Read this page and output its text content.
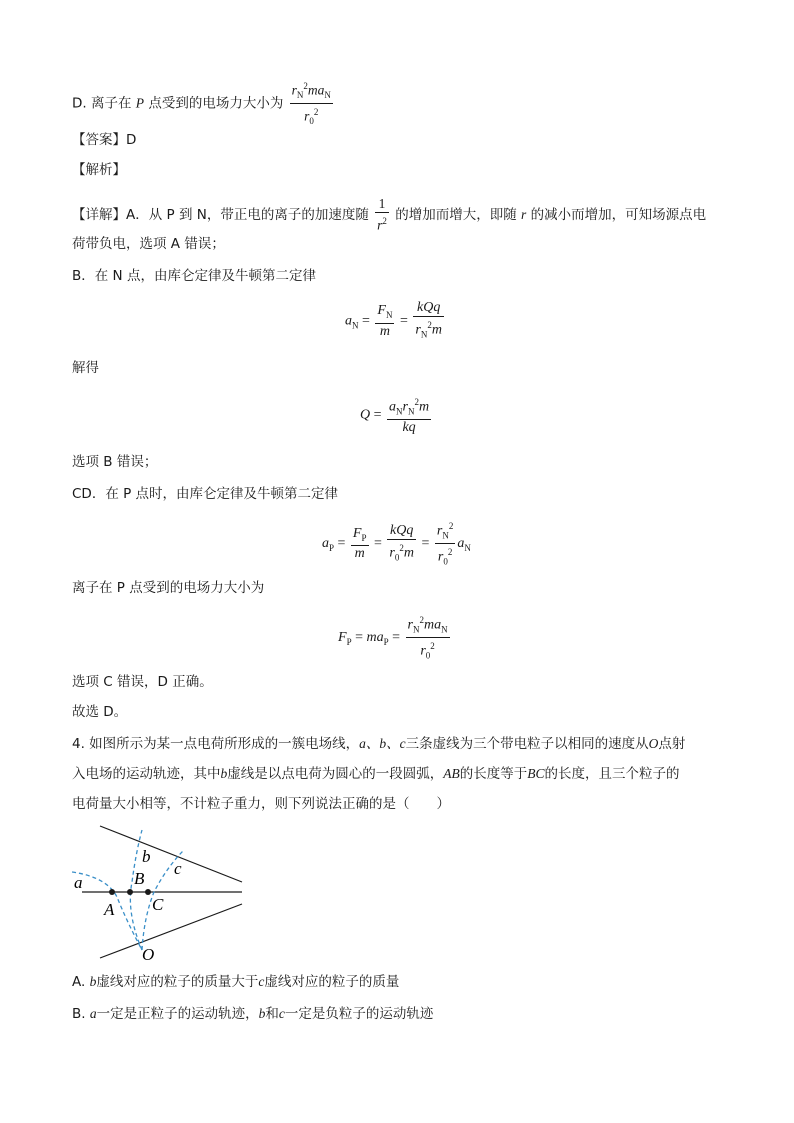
D. 离子在 P 点受到的电场力大小为 $\frac{r_N^2ma_N}{r_0^2}$
【答案】D
【解析】
【详解】A．从 P 到 N，带正电的离子的加速度随 $\frac{1}{r^2}$ 的增加而增大，即随 r 的减小而增加，可知场源点电
荷带负电，选项 A 错误；
B．在 N 点，由库仑定律及牛顿第二定律
$a_N = \frac{F_N}{m} = \frac{\text{kQq}}{r_N^2m}$
解得
$Q = \frac{a_Nr_N^2m}{kq}$
选项 B 错误；
CD．在 P 点时，由库仑定律及牛顿第二定律
$a_P = \frac{F_P}{m} = \frac{\text{kQq}}{r_0^2m} = \frac{r_N^2}{r_0^2} a_N$
离子在 P 点受到的电场力大小为
$F_P = ma_P = \frac{r_N^2ma_N}{r_0^2}$
选项 C 错误，D 正确。
故选 D。
4. 如图所示为某一点电荷所形成的一簇电场线，a、b、c三条虚线为三个带电粒子以相同的速度从O点射
入电场的运动轨迹，其中b虚线是以点电荷为圆心的一段圆弧，AB的长度等于BC的长度，且三个粒子的
电荷量大小相等，不计粒子重力，则下列说法正确的是（　　）
a
b
c
A
B
C
O
A. b虚线对应的粒子的质量大于c虚线对应的粒子的质量
B. a一定是正粒子的运动轨迹，b和c一定是负粒子的运动轨迹
